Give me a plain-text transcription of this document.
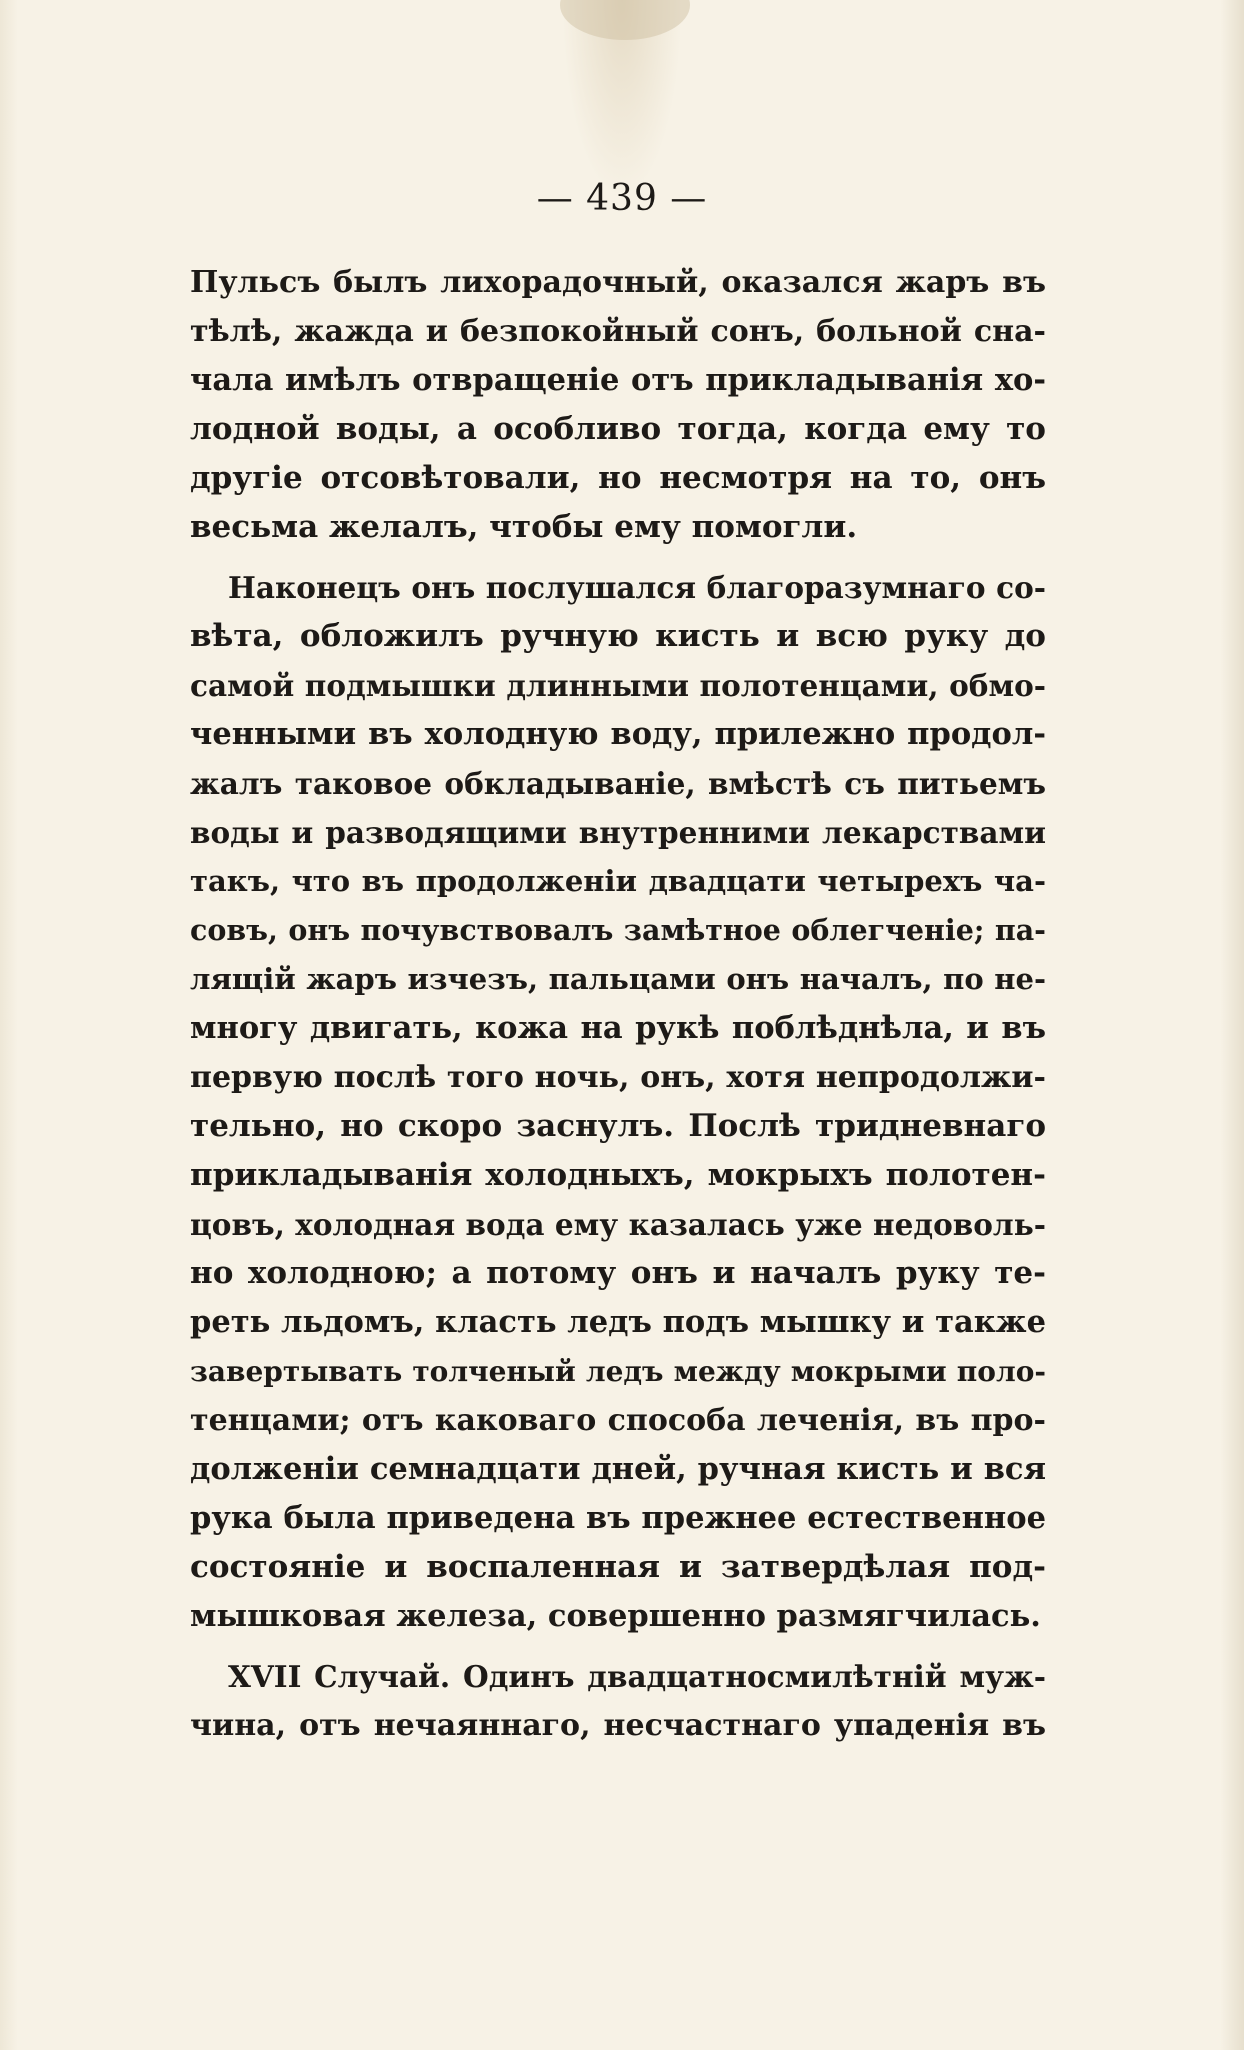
— 439 —
Пульсъ былъ лихорадочный, оказался жаръ въ
тѣлѣ, жажда и безпокойный сонъ, больной сна-
чала имѣлъ отвращеніе отъ прикладыванія хо-
лодной воды, а особливо тогда, когда ему то
другіе отсовѣтовали, но несмотря на то, онъ
весьма желалъ, чтобы ему помогли.
Наконецъ онъ послушался благоразумнаго со-
вѣта, обложилъ ручную кисть и всю руку до
самой подмышки длинными полотенцами, обмо-
ченными въ холодную воду, прилежно продол-
жалъ таковое обкладываніе, вмѣстѣ съ питьемъ
воды и разводящими внутренними лекарствами
такъ, что въ продолженіи двадцати четырехъ ча-
совъ, онъ почувствовалъ замѣтное облегченіе; па-
лящій жаръ изчезъ, пальцами онъ началъ, по не-
многу двигать, кожа на рукѣ поблѣднѣла, и въ
первую послѣ того ночь, онъ, хотя непродолжи-
тельно, но скоро заснулъ. Послѣ тридневнаго
прикладыванія холодныхъ, мокрыхъ полотен-
цовъ, холодная вода ему казалась уже недоволь-
но холодною; а потому онъ и началъ руку те-
реть льдомъ, класть ледъ подъ мышку и также
завертывать толченый ледъ между мокрыми поло-
тенцами; отъ каковаго способа леченія, въ про-
долженіи семнадцати дней, ручная кисть и вся
рука была приведена въ прежнее естественное
состояніе и воспаленная и затвердѣлая под-
мышковая железа, совершенно размягчилась.
XVII Случай. Одинъ двадцатносмилѣтній муж-
чина, отъ нечаяннаго, несчастнаго упаденія въ
